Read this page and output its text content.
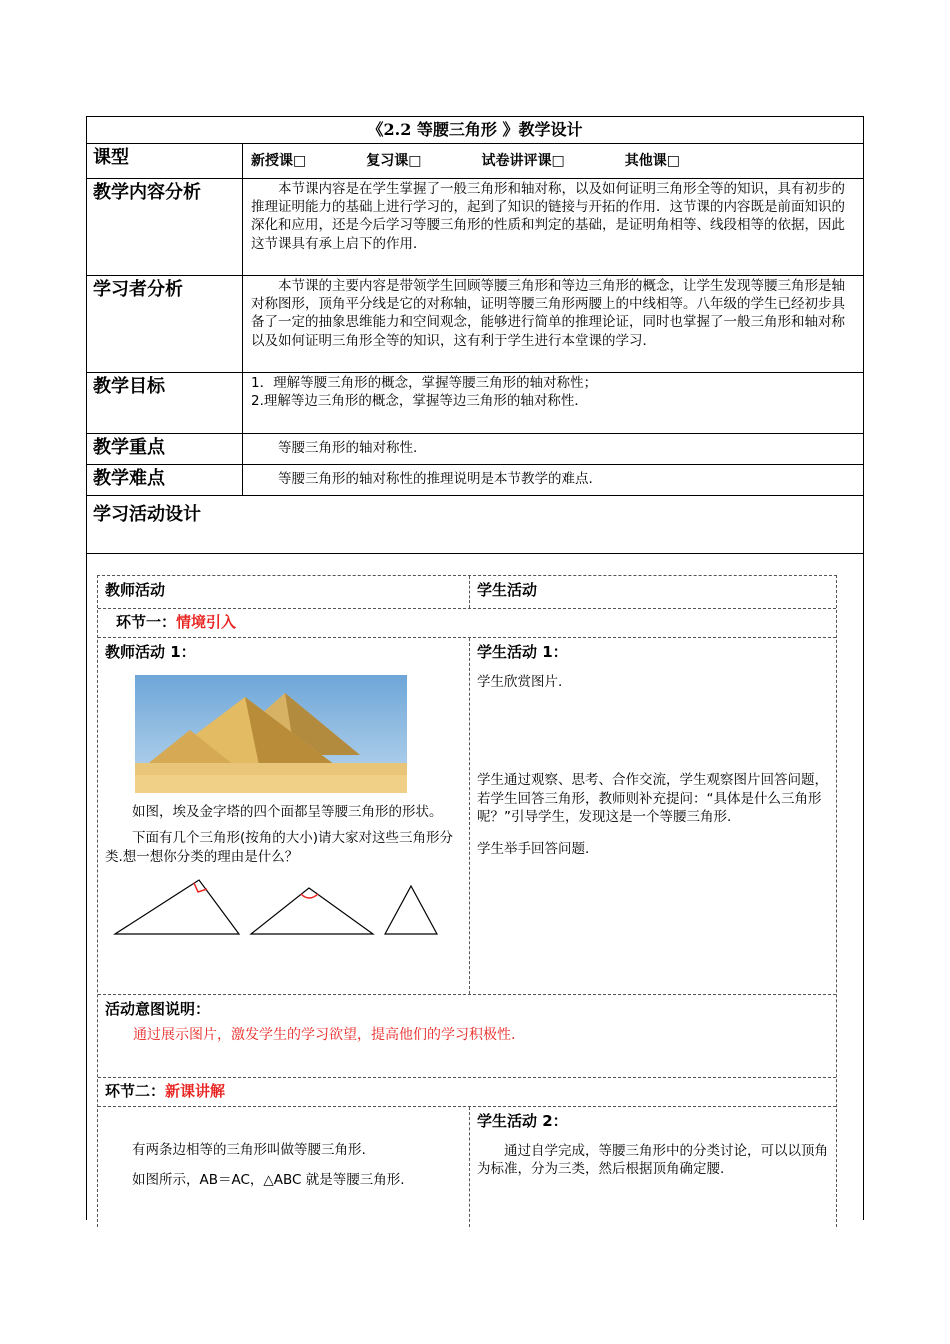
《2.2 等腰三角形 》教学设计
课型	新授课□	复习课□	试卷讲评课□	其他课□
教学内容分析	本节课内容是在学生掌握了一般三角形和轴对称，以及如何证明三角形全等的知识，具有初步的推理证明能力的基础上进行学习的，起到了知识的链接与开拓的作用．这节课的内容既是前面知识的深化和应用，还是今后学习等腰三角形的性质和判定的基础，是证明角相等、线段相等的依据，因此这节课具有承上启下的作用．

学习者分析	本节课的主要内容是带领学生回顾等腰三角形和等边三角形的概念，让学生发现等腰三角形是轴对称图形，顶角平分线是它的对称轴，证明等腰三角形两腰上的中线相等。八年级的学生已经初步具备了一定的抽象思维能力和空间观念，能够进行简单的推理论证，同时也掌握了一般三角形和轴对称以及如何证明三角形全等的知识，这有利于学生进行本堂课的学习．

教学目标	1．理解等腰三角形的概念，掌握等腰三角形的轴对称性；

2.理解等边三角形的概念，掌握等边三角形的轴对称性．

教学重点	等腰三角形的轴对称性.

教学难点	等腰三角形的轴对称性的推理说明是本节教学的难点.

学习活动设计
教师活动	学生活动
环节一：情境引入
教师活动 1：

如图，埃及金字塔的四个面都呈等腰三角形的形状。

下面有几个三角形(按角的大小)请大家对这些三角形分类.想一想你分类的理由是什么？

学生活动 1：

学生欣赏图片.

学生通过观察、思考、合作交流，学生观察图片回答问题，若学生回答三角形，教师则补充提问：“具体是什么三角形呢？”引导学生，发现这是一个等腰三角形.

学生举手回答问题.

活动意图说明：

通过展示图片，激发学生的学习欲望，提高他们的学习积极性.

环节二：新课讲解

有两条边相等的三角形叫做等腰三角形.

如图所示，AB＝AC，△ABC 就是等腰三角形.

学生活动 2：

通过自学完成，等腰三角形中的分类讨论，可以以顶角为标准，分为三类，然后根据顶角确定腰.
